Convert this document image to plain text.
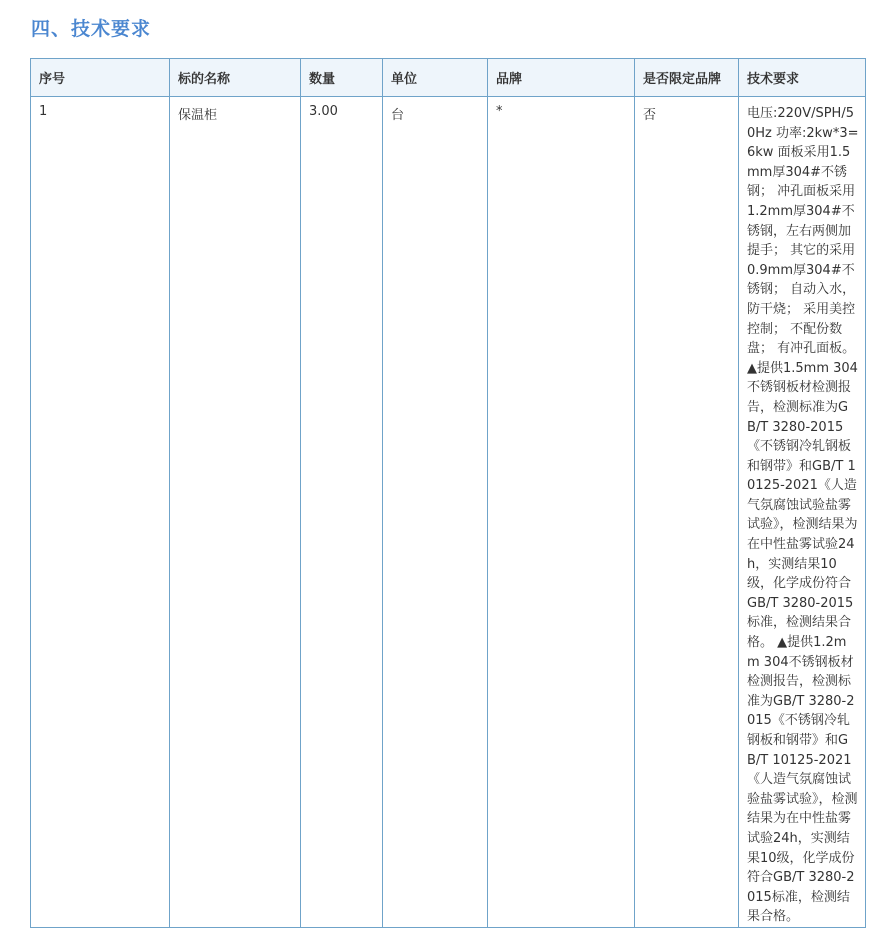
四、技术要求
序号	标的名称	数量	单位	品牌	是否限定品牌	技术要求
1	保温柜	3.00	台	*	否	电压:220V/SPH/50Hz 功率:2kw*3=6kw 面板采用1.5mm厚304#不锈钢； 冲孔面板采用1.2mm厚304#不锈钢，左右两侧加提手； 其它的采用0.9mm厚304#不锈钢； 自动入水，防干烧； 采用美控控制； 不配份数盘； 有冲孔面板。 ▲提供1.5mm 304不锈钢板材检测报告，检测标准为GB/T 3280-2015《不锈钢冷轧钢板和钢带》和GB/T 10125-2021《人造气氛腐蚀试验盐雾试验》，检测结果为在中性盐雾试验24h，实测结果10级，化学成份符合GB/T 3280-2015标准，检测结果合格。 ▲提供1.2mm 304不锈钢板材检测报告，检测标准为GB/T 3280-2015《不锈钢冷轧钢板和钢带》和GB/T 10125-2021《人造气氛腐蚀试验盐雾试验》，检测结果为在中性盐雾试验24h，实测结果10级，化学成份符合GB/T 3280-2015标准，检测结果合格。
